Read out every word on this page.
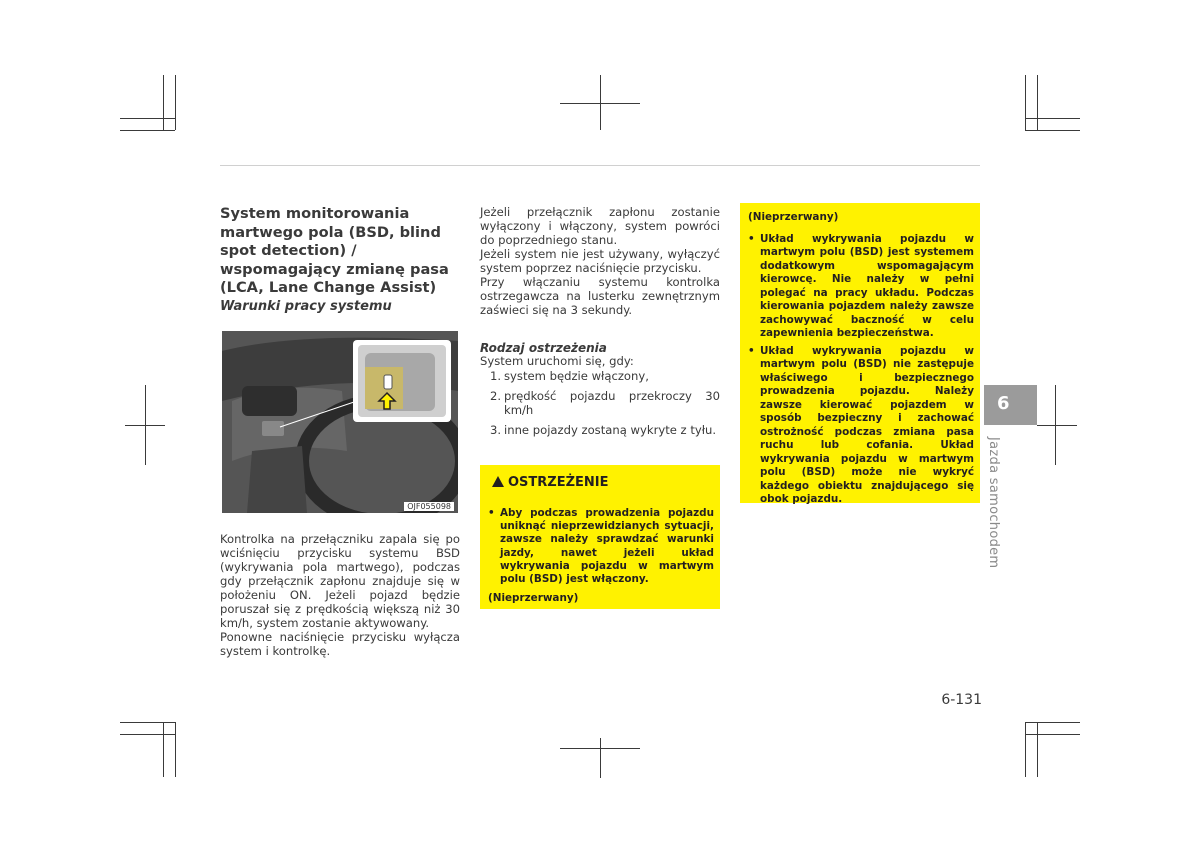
System monitorowania martwego pola (BSD, blind spot detection) / wspomagający zmianę pasa (LCA, Lane Change Assist)
Warunki pracy systemu
OJF055098

Kontrolka na przełączniku zapala się po wciśnięciu przycisku systemu BSD (wykrywania pola martwego), podczas gdy przełącznik zapłonu znajduje się w położeniu ON. Jeżeli pojazd będzie poruszał się z prędkością większą niż 30 km/h, system zostanie aktywowany.

Ponowne naciśnięcie przycisku wyłącza system i kontrolkę.

Jeżeli przełącznik zapłonu zostanie wyłączony i włączony, system powróci do poprzedniego stanu.

Jeżeli system nie jest używany, wyłączyć system poprzez naciśnięcie przycisku.

Przy włączaniu systemu kontrolka ostrzegawcza na lusterku zewnętrznym zaświeci się na 3 sekundy.

Rodzaj ostrzeżenia

System uruchomi się, gdy:

1. system będzie włączony,
2. prędkość pojazdu przekroczy 30 km/h
3. inne pojazdy zostaną wykryte z tyłu.
OSTRZEŻENIE
• Aby podczas prowadzenia pojazdu uniknąć nieprzewidzianych sytuacji, zawsze należy sprawdzać warunki jazdy, nawet jeżeli układ wykrywania pojazdu w martwym polu (BSD) jest włączony.
(Nieprzerwany)
(Nieprzerwany)
• Układ wykrywania pojazdu w martwym polu (BSD) jest systemem dodatkowym wspomagającym kierowcę. Nie należy w pełni polegać na pracy układu. Podczas kierowania pojazdem należy zawsze zachowywać baczność w celu zapewnienia bezpieczeństwa.
• Układ wykrywania pojazdu w martwym polu (BSD) nie zastępuje właściwego i bezpiecznego prowadzenia pojazdu. Należy zawsze kierować pojazdem w sposób bezpieczny i zachować ostrożność podczas zmiana pasa ruchu lub cofania. Układ wykrywania pojazdu w martwym polu (BSD) może nie wykryć każdego obiektu znajdującego się obok pojazdu.
6
Jazda samochodem
6-131
